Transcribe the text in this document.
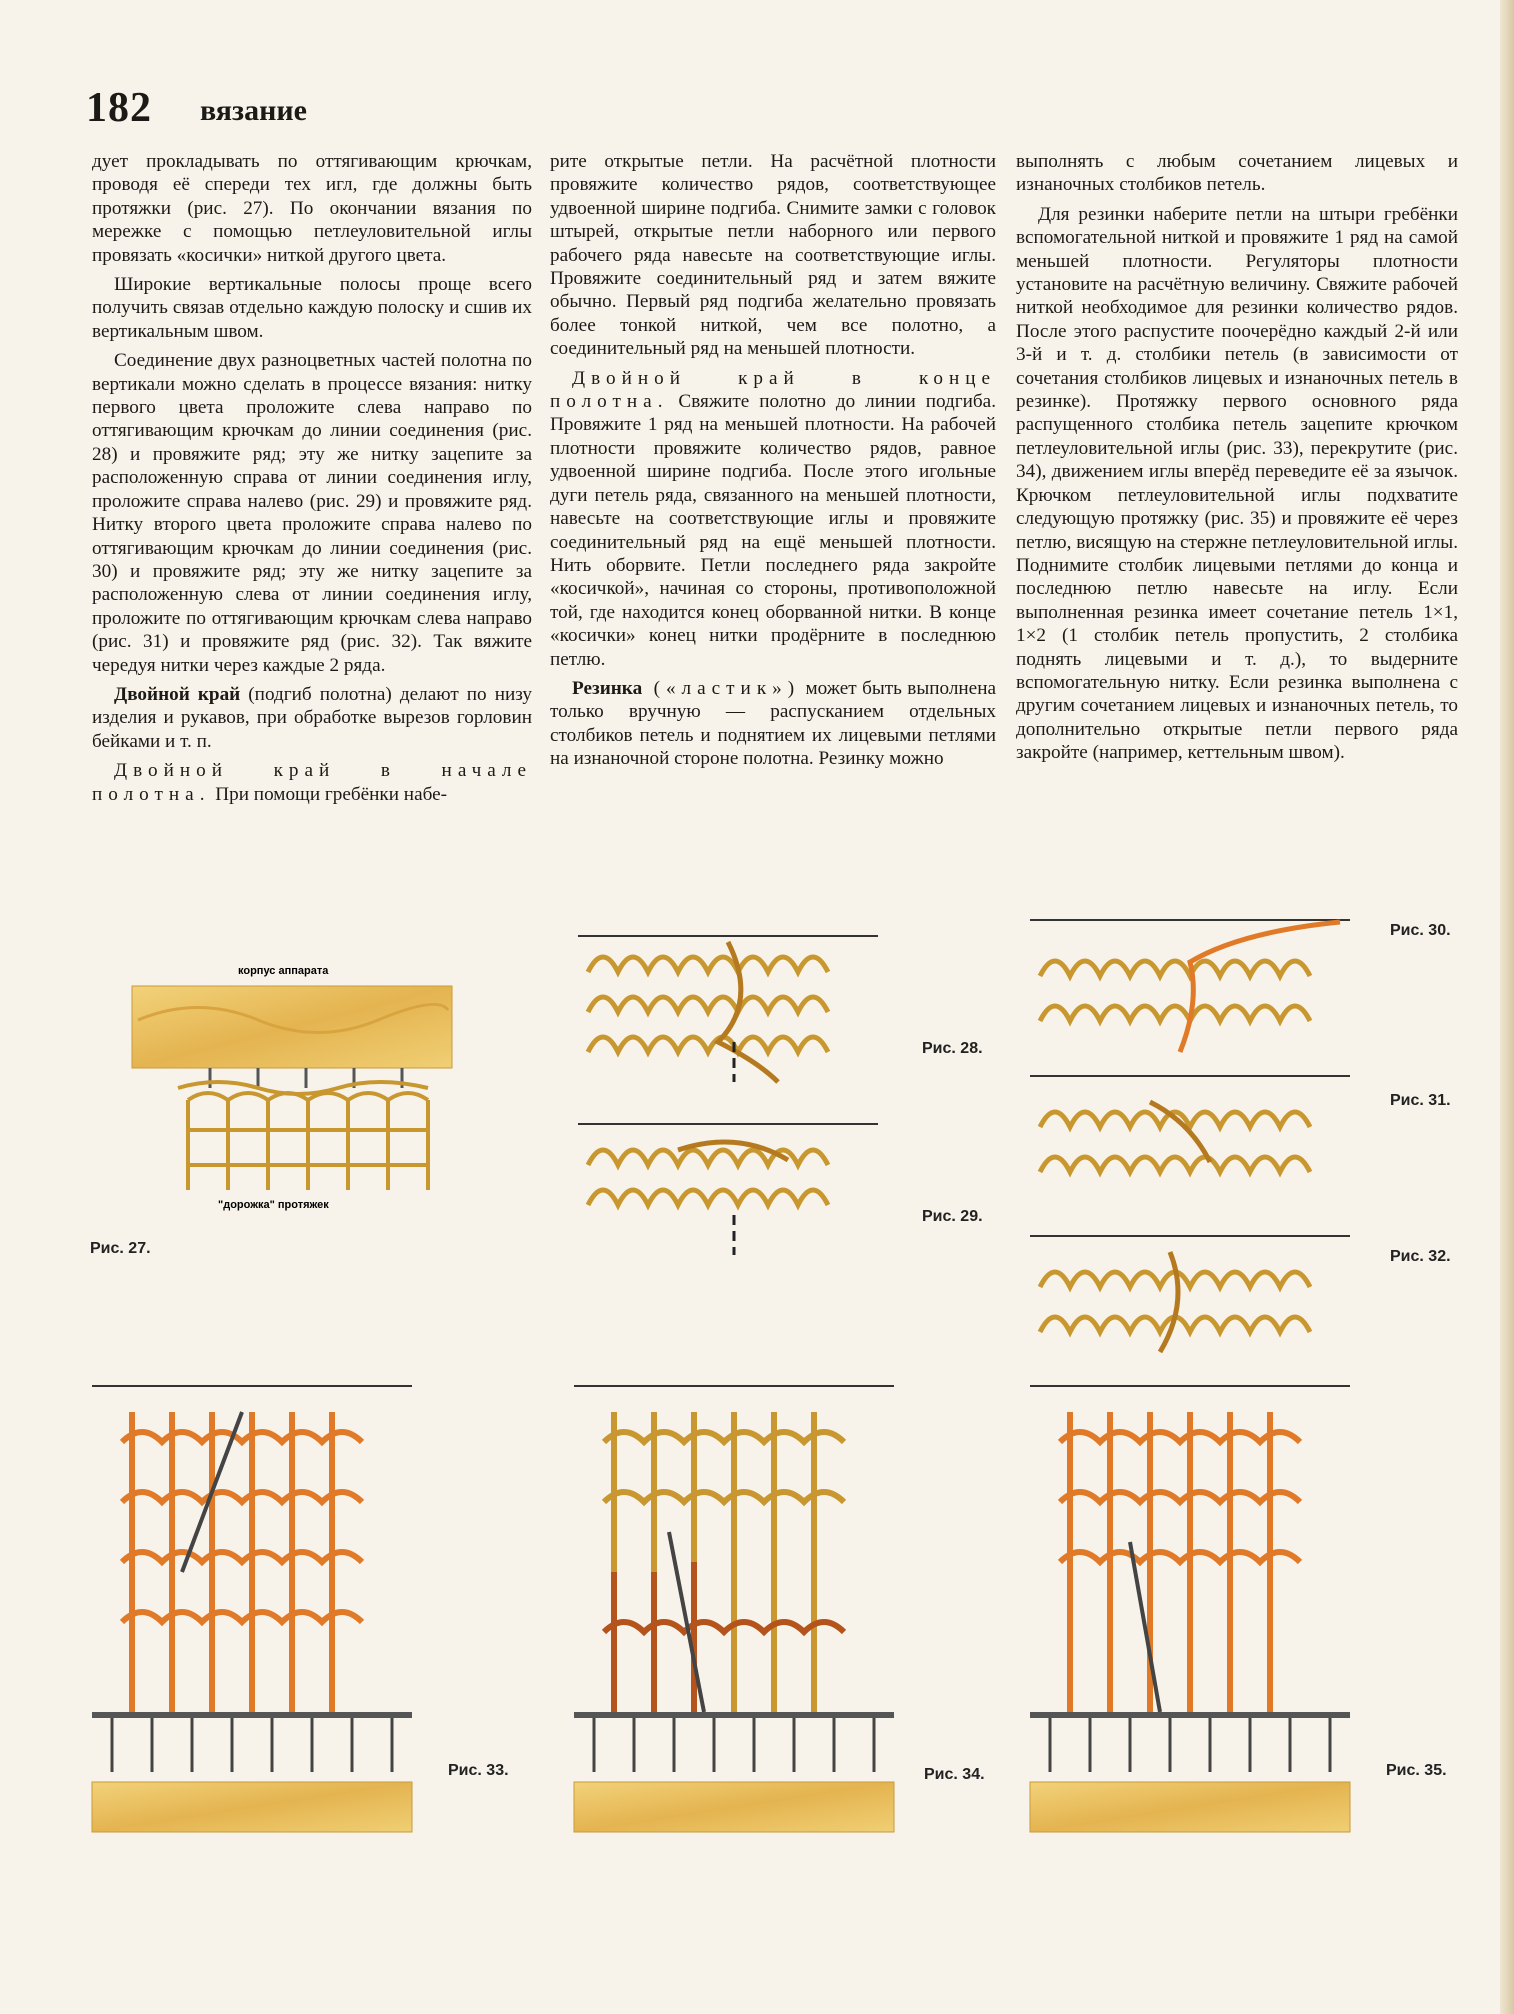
182 вязание

дует прокладывать по оттягивающим крючкам, проводя её спереди тех игл, где должны быть протяжки (рис. 27). По окончании вязания по мережке с помощью петлеуловительной иглы провязать «косички» ниткой другого цвета.

Широкие вертикальные полосы проще всего получить связав отдельно каждую полоску и сшив их вертикальным швом.

Соединение двух разноцветных частей полотна по вертикали можно сделать в процессе вязания: нитку первого цвета проложите слева направо по оттягивающим крючкам до линии соединения (рис. 28) и провяжите ряд; эту же нитку зацепите за расположенную справа от линии соединения иглу, проложите справа налево (рис. 29) и провяжите ряд. Нитку второго цвета проложите справа налево по оттягивающим крючкам до линии соединения (рис. 30) и провяжите ряд; эту же нитку зацепите за расположенную слева от линии соединения иглу, проложите по оттягивающим крючкам слева направо (рис. 31) и провяжите ряд (рис. 32). Так вяжите чередуя нитки через каждые 2 ряда.

Двойной край (подгиб полотна) делают по низу изделия и рукавов, при обработке вырезов горловин бейками и т. п.

Двойной край в начале полотна. При помощи гребёнки набе-

рите открытые петли. На расчётной плотности провяжите количество рядов, соответствующее удвоенной ширине подгиба. Снимите замки с головок штырей, открытые петли наборного или первого рабочего ряда навесьте на соответствующие иглы. Провяжите соединительный ряд и затем вяжите обычно. Первый ряд подгиба желательно провязать более тонкой ниткой, чем все полотно, а соединительный ряд на меньшей плотности.

Двойной край в конце полотна. Свяжите полотно до линии подгиба. Провяжите 1 ряд на меньшей плотности. На рабочей плотности провяжите количество рядов, равное удвоенной ширине подгиба. После этого игольные дуги петель ряда, связанного на меньшей плотности, навесьте на соответствующие иглы и провяжите соединительный ряд на ещё меньшей плотности. Нить оборвите. Петли последнего ряда закройте «косичкой», начиная со стороны, противоположной той, где находится конец оборванной нитки. В конце «косички» конец нитки продёрните в последнюю петлю.

Резинка («ластик») может быть выполнена только вручную — распусканием отдельных столбиков петель и поднятием их лицевыми петлями на изнаночной стороне полотна. Резинку можно

выполнять с любым сочетанием лицевых и изнаночных столбиков петель.

Для резинки наберите петли на штыри гребёнки вспомогательной ниткой и провяжите 1 ряд на самой меньшей плотности. Регуляторы плотности установите на расчётную величину. Свяжите рабочей ниткой необходимое для резинки количество рядов. После этого распустите поочерёдно каждый 2-й или 3-й и т. д. столбики петель (в зависимости от сочетания столбиков лицевых и изнаночных петель в резинке). Протяжку первого основного ряда распущенного столбика петель зацепите крючком петлеуловительной иглы (рис. 33), перекрутите (рис. 34), движением иглы вперёд переведите её за язычок. Крючком петлеуловительной иглы подхватите следующую протяжку (рис. 35) и провяжите её через петлю, висящую на стержне петлеуловительной иглы. Поднимите столбик лицевыми петлями до конца и последнюю петлю навесьте на иглу. Если выполненная резинка имеет сочетание петель 1×1, 1×2 (1 столбик петель пропустить, 2 столбика поднять лицевыми и т. д.), то выдерните вспомогательную нитку. Если резинка выполнена с другим сочетанием лицевых и изнаночных петель, то дополнительно открытые петли первого ряда закройте (например, кеттельным швом).

корпус аппарата
"дорожка" протяжек
Рис. 27.
Рис. 28.
Рис. 29.
Рис. 30.
Рис. 31.
Рис. 32.
Рис. 33.	Рис. 34.	Рис. 35.
